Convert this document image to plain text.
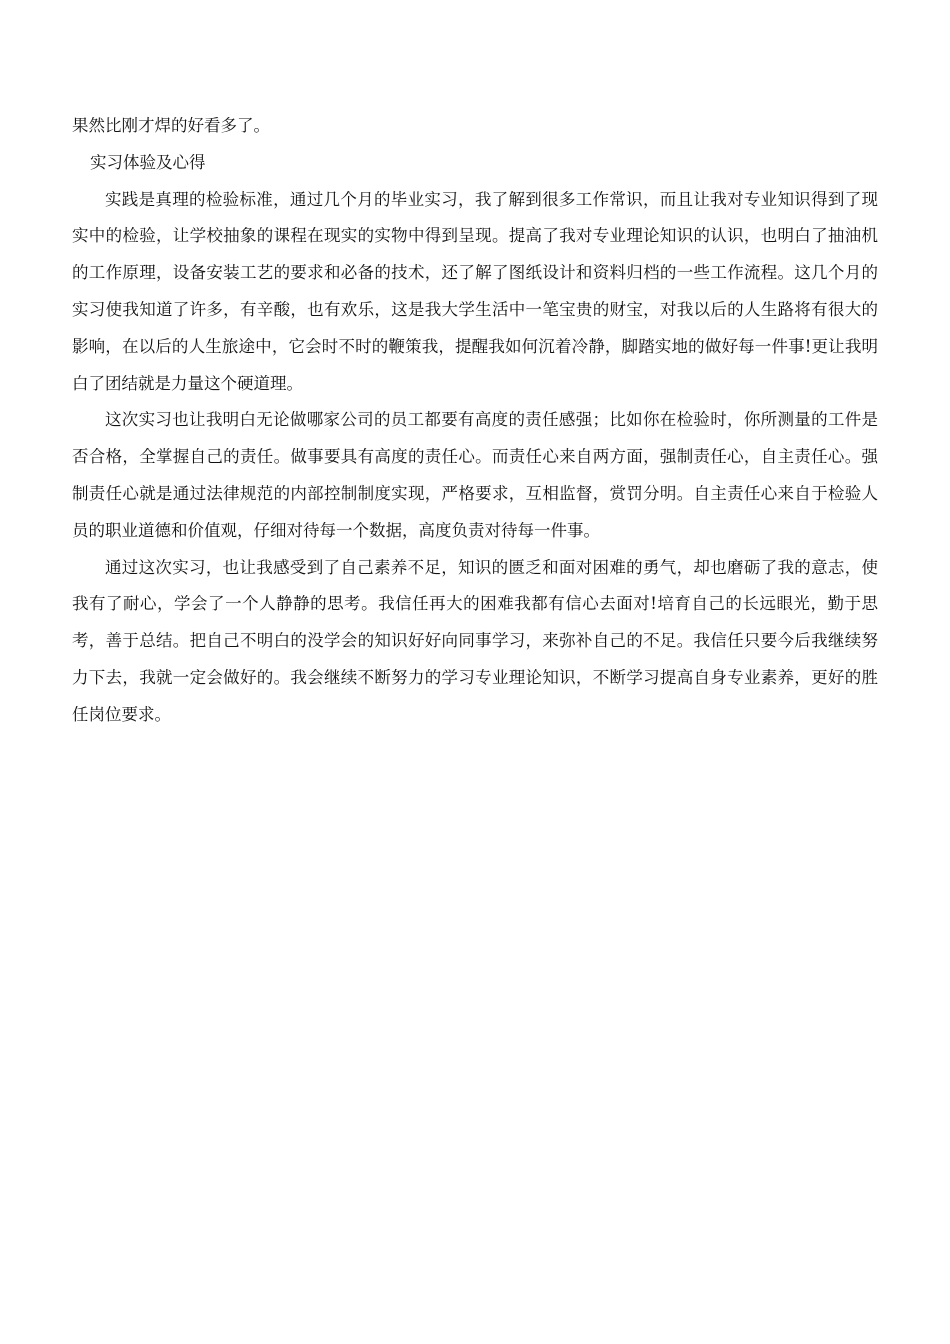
果然比刚才焊的好看多了。

实习体验及心得

实践是真理的检验标准，通过几个月的毕业实习，我了解到很多工作常识，而且让我对专业知识得到了现实中的检验，让学校抽象的课程在现实的实物中得到呈现。提高了我对专业理论知识的认识，也明白了抽油机的工作原理，设备安装工艺的要求和必备的技术，还了解了图纸设计和资料归档的一些工作流程。这几个月的实习使我知道了许多，有辛酸，也有欢乐，这是我大学生活中一笔宝贵的财宝，对我以后的人生路将有很大的影响，在以后的人生旅途中，它会时不时的鞭策我，提醒我如何沉着冷静，脚踏实地的做好每一件事!更让我明白了团结就是力量这个硬道理。

这次实习也让我明白无论做哪家公司的员工都要有高度的责任感强；比如你在检验时，你所测量的工件是否合格，全掌握自己的责任。做事要具有高度的责任心。而责任心来自两方面，强制责任心，自主责任心。强制责任心就是通过法律规范的内部控制制度实现，严格要求，互相监督，赏罚分明。自主责任心来自于检验人员的职业道德和价值观，仔细对待每一个数据，高度负责对待每一件事。

通过这次实习，也让我感受到了自己素养不足，知识的匮乏和面对困难的勇气，却也磨砺了我的意志，使我有了耐心，学会了一个人静静的思考。我信任再大的困难我都有信心去面对!培育自己的长远眼光，勤于思考，善于总结。把自己不明白的没学会的知识好好向同事学习，来弥补自己的不足。我信任只要今后我继续努力下去，我就一定会做好的。我会继续不断努力的学习专业理论知识，不断学习提高自身专业素养，更好的胜任岗位要求。
